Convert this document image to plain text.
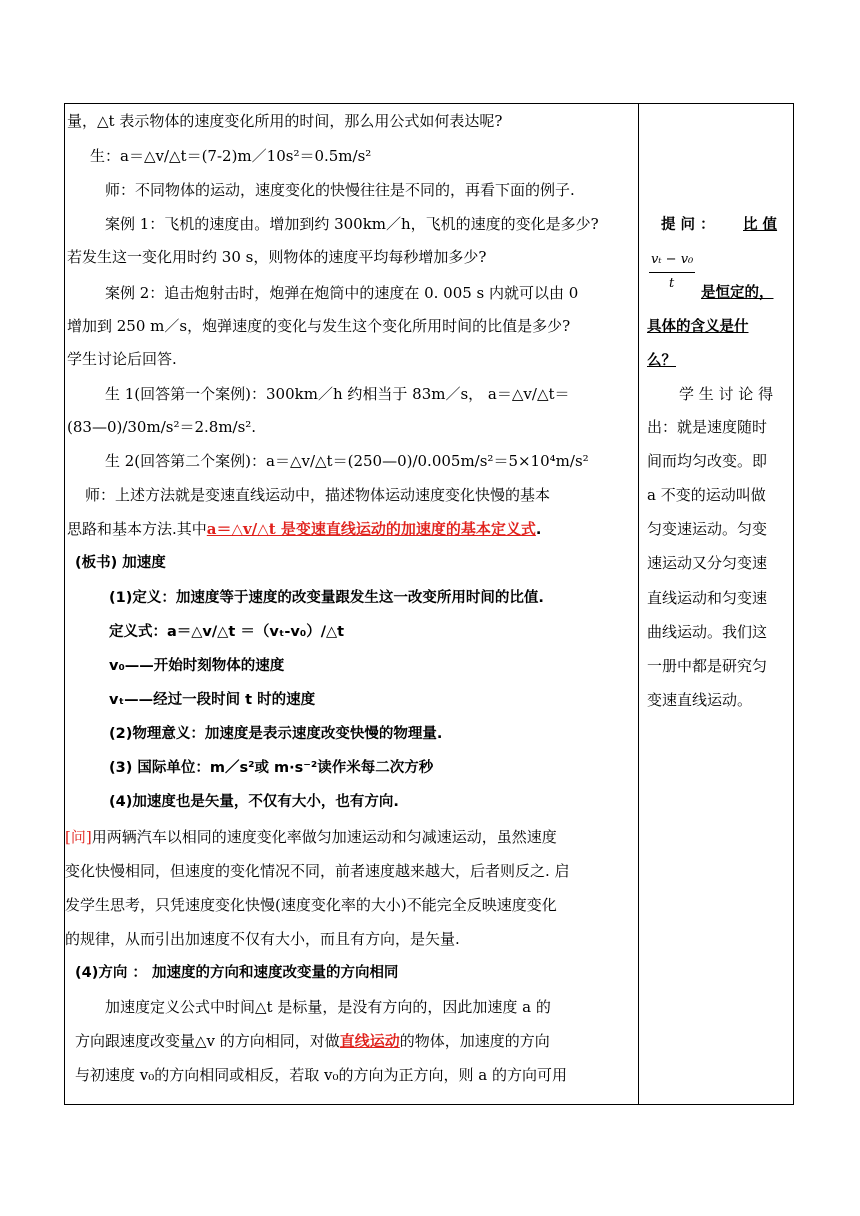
量，△t 表示物体的速度变化所用的时间，那么用公式如何表达呢?
生：a＝△v/△t＝(7-2)m／10s²＝0.5m/s²
师：不同物体的运动，速度变化的快慢往往是不同的，再看下面的例子.
案例 1：飞机的速度由。增加到约 300km／h，飞机的速度的变化是多少?
若发生这一变化用时约 30 s，则物体的速度平均每秒增加多少?
案例 2：追击炮射击时，炮弹在炮筒中的速度在 0. 005 s 内就可以由 0
增加到 250 m／s，炮弹速度的变化与发生这个变化所用时间的比值是多少?
学生讨论后回答.
生 1(回答第一个案例)：300km／h 约相当于 83m／s， a＝△v/△t＝
(83—0)/30m/s²＝2.8m/s².
生 2(回答第二个案例)：a＝△v/△t＝(250—0)/0.005m/s²＝5×10⁴m/s²
师：上述方法就是变速直线运动中，描述物体运动速度变化快慢的基本
思路和基本方法.其中a＝△v/△t 是变速直线运动的加速度的基本定义式.
(板书) 加速度
(1)定义：加速度等于速度的改变量跟发生这一改变所用时间的比值.
定义式：a＝△v/△t ＝（vₜ-v₀）/△t
v₀——开始时刻物体的速度
vₜ——经过一段时间 t 时的速度
(2)物理意义：加速度是表示速度改变快慢的物理量.
(3) 国际单位：m／s²或 m·s⁻²读作米每二次方秒
(4)加速度也是矢量，不仅有大小，也有方向.
[问]用两辆汽车以相同的速度变化率做匀加速运动和匀减速运动，虽然速度
变化快慢相同，但速度的变化情况不同，前者速度越来越大，后者则反之. 启
发学生思考，只凭速度变化快慢(速度变化率的大小)不能完全反映速度变化
的规律，从而引出加速度不仅有大小，而且有方向，是矢量.
(4)方向 ： 加速度的方向和速度改变量的方向相同
加速度定义公式中时间△t 是标量，是没有方向的，因此加速度 a 的
方向跟速度改变量△v 的方向相同，对做直线运动的物体，加速度的方向
与初速度 v₀的方向相同或相反，若取 v₀的方向为正方向，则 a 的方向可用
提 问 ： 比 值
vₜ − v₀
t
是恒定的，
具体的含义是什
么？
学 生 讨 论 得
出：就是速度随时
间而均匀改变。即
a 不变的运动叫做
匀变速运动。匀变
速运动又分匀变速
直线运动和匀变速
曲线运动。我们这
一册中都是研究匀
变速直线运动。
